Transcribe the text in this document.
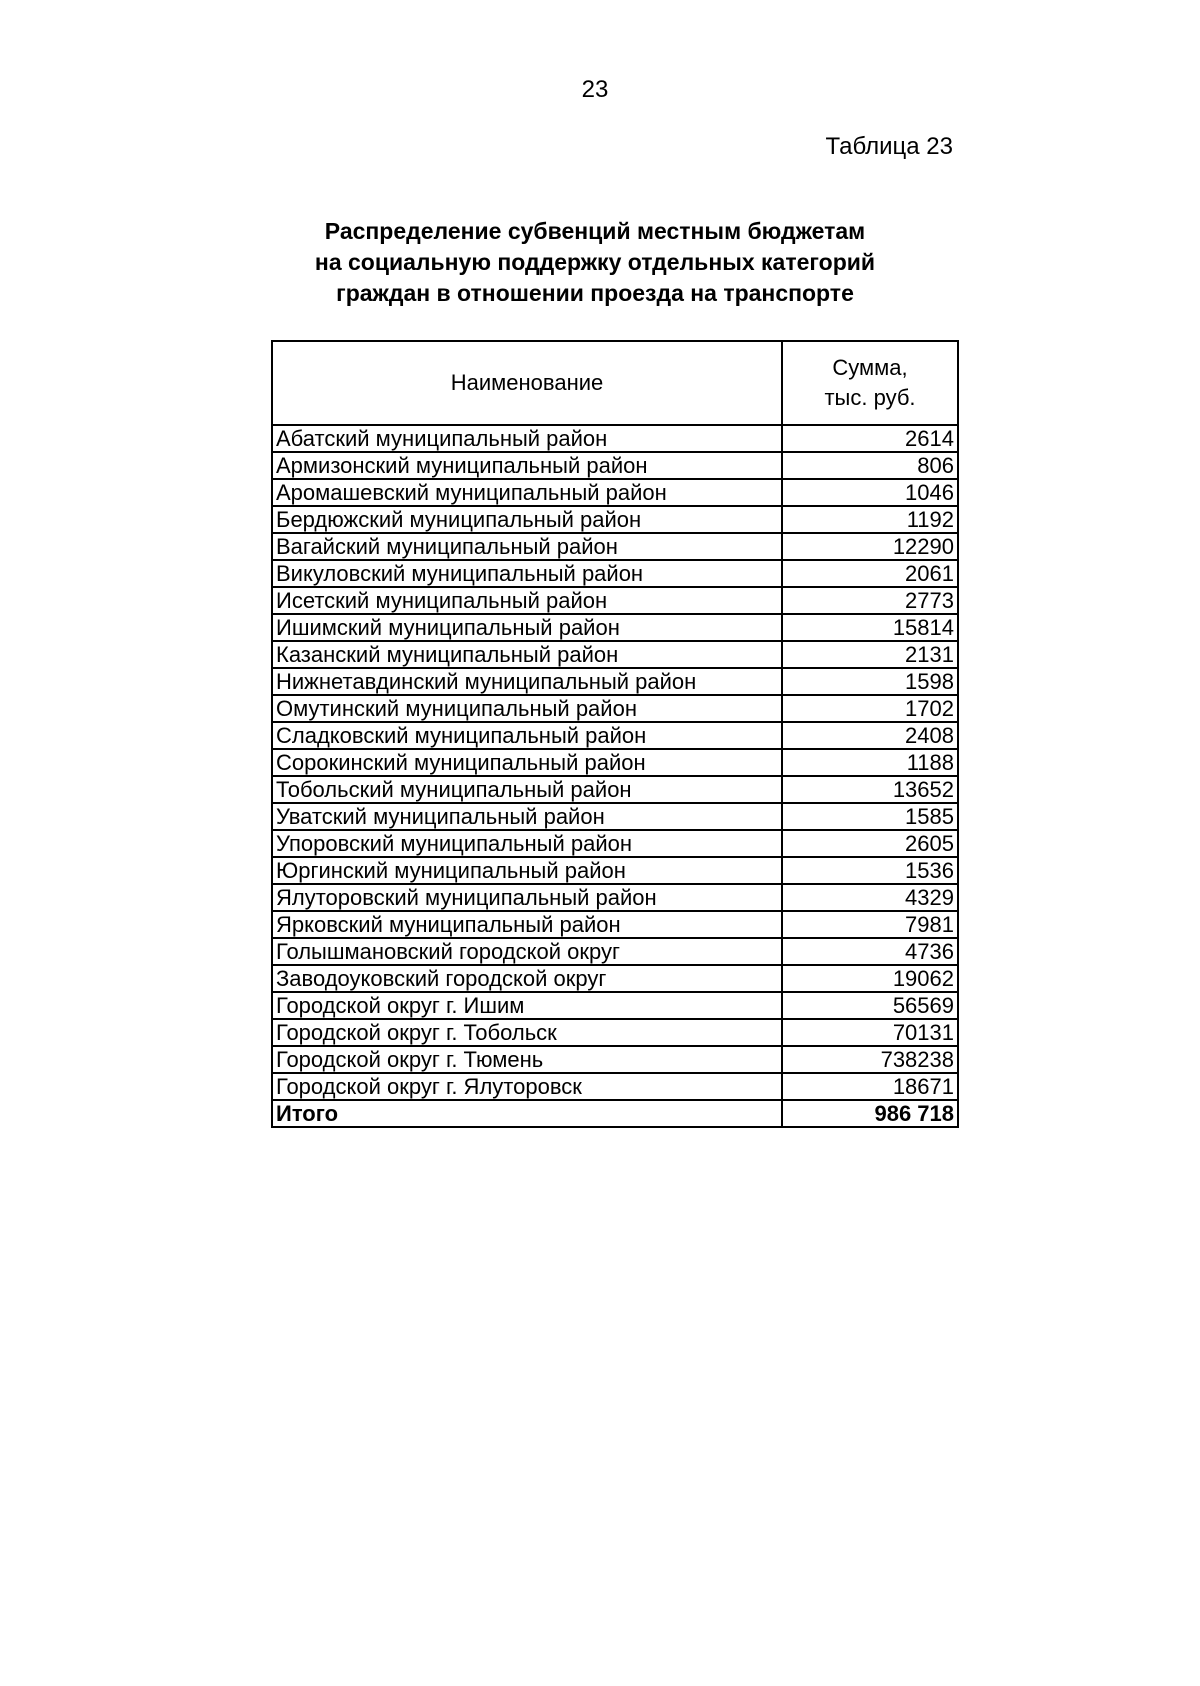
23
Таблица 23
Распределение субвенций местным бюджетам
на социальную поддержку отдельных категорий
граждан в отношении проезда на транспорте
Наименование	Сумма,
тыс. руб.

Абатский муниципальный район	2614
Армизонский муниципальный район	806
Аромашевский муниципальный район	1046
Бердюжский муниципальный район	1192
Вагайский муниципальный район	12290
Викуловский муниципальный район	2061
Исетский муниципальный район	2773
Ишимский муниципальный район	15814
Казанский муниципальный район	2131
Нижнетавдинский муниципальный район	1598
Омутинский муниципальный район	1702
Сладковский муниципальный район	2408
Сорокинский муниципальный район	1188
Тобольский муниципальный район	13652
Уватский муниципальный район	1585
Упоровский муниципальный район	2605
Юргинский муниципальный район	1536
Ялуторовский муниципальный район	4329
Ярковский муниципальный район	7981
Голышмановский городской округ	4736
Заводоуковский городской округ	19062
Городской округ г. Ишим	56569
Городской округ г. Тобольск	70131
Городской округ г. Тюмень	738238
Городской округ г. Ялуторовск	18671
Итого	986 718
